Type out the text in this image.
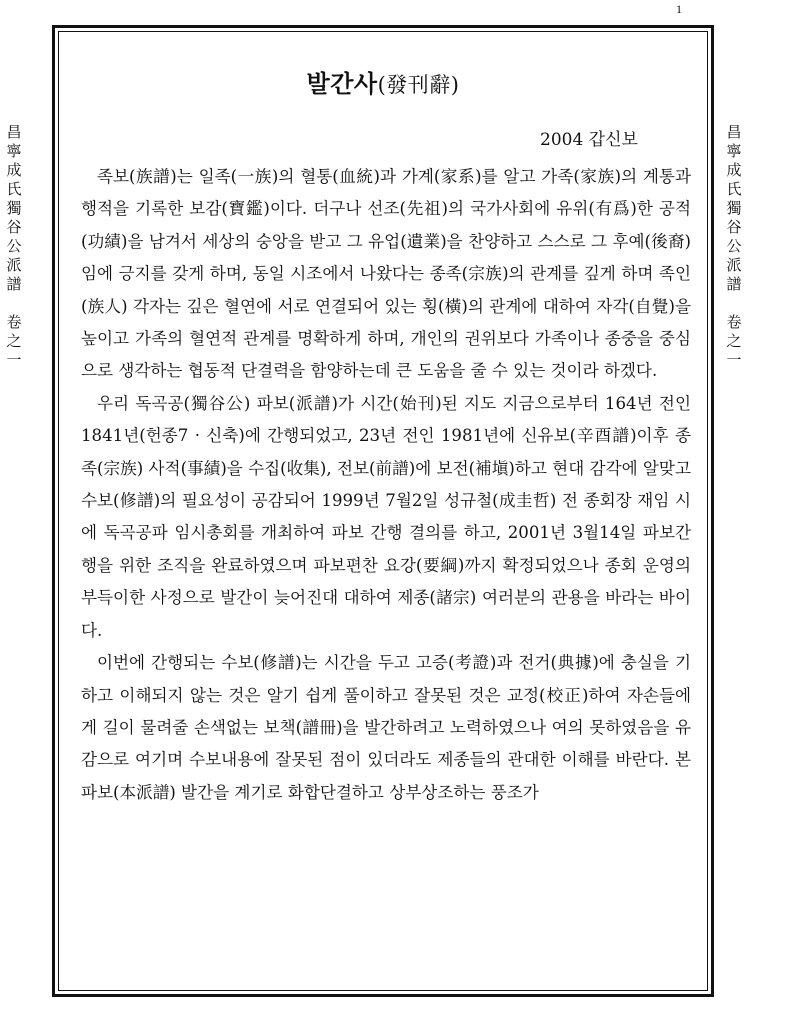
1
昌寧成氏獨谷公派譜
卷之一
昌寧成氏獨谷公派譜
卷之一
발간사(發刊辭)
2004 갑신보

족보(族譜)는 일족(一族)의 혈통(血統)과 가계(家系)를 알고 가족(家族)의 계통과 행적을 기록한 보감(寶鑑)이다. 더구나 선조(先祖)의 국가사회에 유위(有爲)한 공적(功績)을 남겨서 세상의 숭앙을 받고 그 유업(遺業)을 찬양하고 스스로 그 후예(後裔)임에 긍지를 갖게 하며, 동일 시조에서 나왔다는 종족(宗族)의 관계를 깊게 하며 족인(族人) 각자는 깊은 혈연에 서로 연결되어 있는 횡(橫)의 관계에 대하여 자각(自覺)을 높이고 가족의 혈연적 관계를 명확하게 하며, 개인의 권위보다 가족이나 종중을 중심으로 생각하는 협동적 단결력을 함양하는데 큰 도움을 줄 수 있는 것이라 하겠다.

우리 독곡공(獨谷公) 파보(派譜)가 시간(始刊)된 지도 지금으로부터 164년 전인 1841년(헌종7 · 신축)에 간행되었고, 23년 전인 1981년에 신유보(辛酉譜)이후 종족(宗族) 사적(事績)을 수집(收集), 전보(前譜)에 보전(補塡)하고 현대 감각에 알맞고 수보(修譜)의 필요성이 공감되어 1999년 7월2일 성규철(成圭哲) 전 종회장 재임 시에 독곡공파 임시총회를 개최하여 파보 간행 결의를 하고, 2001년 3월14일 파보간행을 위한 조직을 완료하였으며 파보편찬 요강(要綱)까지 확정되었으나 종회 운영의 부득이한 사정으로 발간이 늦어진대 대하여 제종(諸宗) 여러분의 관용을 바라는 바이다.

이번에 간행되는 수보(修譜)는 시간을 두고 고증(考證)과 전거(典據)에 충실을 기하고 이해되지 않는 것은 알기 쉽게 풀이하고 잘못된 것은 교정(校正)하여 자손들에게 길이 물려줄 손색없는 보책(譜冊)을 발간하려고 노력하였으나 여의 못하였음을 유감으로 여기며 수보내용에 잘못된 점이 있더라도 제종들의 관대한 이해를 바란다. 본 파보(本派譜) 발간을 계기로 화합단결하고 상부상조하는 풍조가
